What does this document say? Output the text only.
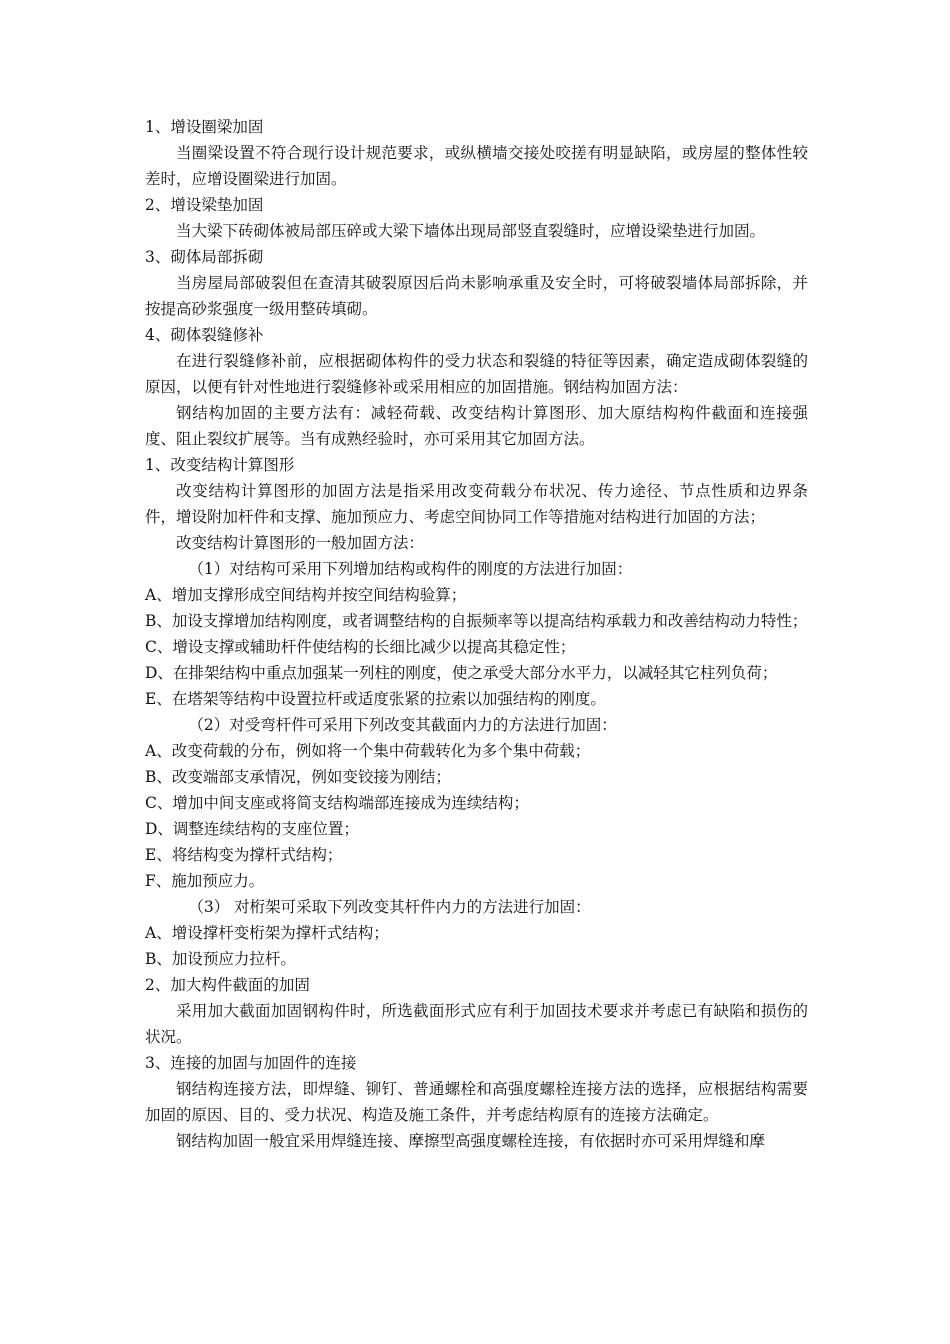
1、增设圈梁加固

当圈梁设置不符合现行设计规范要求，或纵横墙交接处咬搓有明显缺陷，或房屋的整体性较差时，应增设圈梁进行加固。

2、增设梁垫加固

当大梁下砖砌体被局部压碎或大梁下墙体出现局部竖直裂缝时，应增设梁垫进行加固。

3、砌体局部拆砌

当房屋局部破裂但在查清其破裂原因后尚未影响承重及安全时，可将破裂墙体局部拆除，并按提高砂浆强度一级用整砖填砌。

4、砌体裂缝修补

在进行裂缝修补前，应根据砌体构件的受力状态和裂缝的特征等因素，确定造成砌体裂缝的原因，以便有针对性地进行裂缝修补或采用相应的加固措施。钢结构加固方法：

钢结构加固的主要方法有：减轻荷载、改变结构计算图形、加大原结构构件截面和连接强度、阻止裂纹扩展等。当有成熟经验时，亦可采用其它加固方法。

1、改变结构计算图形

改变结构计算图形的加固方法是指采用改变荷载分布状况、传力途径、节点性质和边界条件，增设附加杆件和支撑、施加预应力、考虑空间协同工作等措施对结构进行加固的方法；

改变结构计算图形的一般加固方法：

（1）对结构可采用下列增加结构或构件的刚度的方法进行加固：

A、增加支撑形成空间结构并按空间结构验算；

B、加设支撑增加结构刚度，或者调整结构的自振频率等以提高结构承载力和改善结构动力特性；

C、增设支撑或辅助杆件使结构的长细比减少以提高其稳定性；

D、在排架结构中重点加强某一列柱的刚度，使之承受大部分水平力，以减轻其它柱列负荷；

E、在塔架等结构中设置拉杆或适度张紧的拉索以加强结构的刚度。

（2）对受弯杆件可采用下列改变其截面内力的方法进行加固：

A、改变荷载的分布，例如将一个集中荷载转化为多个集中荷载；

B、改变端部支承情况，例如变铰接为刚结；

C、增加中间支座或将简支结构端部连接成为连续结构；

D、调整连续结构的支座位置；

E、将结构变为撑杆式结构；

F、施加预应力。

（3） 对桁架可采取下列改变其杆件内力的方法进行加固：

A、增设撑杆变桁架为撑杆式结构；

B、加设预应力拉杆。

2、加大构件截面的加固

采用加大截面加固钢构件时，所选截面形式应有利于加固技术要求并考虑已有缺陷和损伤的状况。

3、连接的加固与加固件的连接

钢结构连接方法，即焊缝、铆钉、普通螺栓和高强度螺栓连接方法的选择，应根据结构需要加固的原因、目的、受力状况、构造及施工条件，并考虑结构原有的连接方法确定。

钢结构加固一般宜采用焊缝连接、摩擦型高强度螺栓连接，有依据时亦可采用焊缝和摩
